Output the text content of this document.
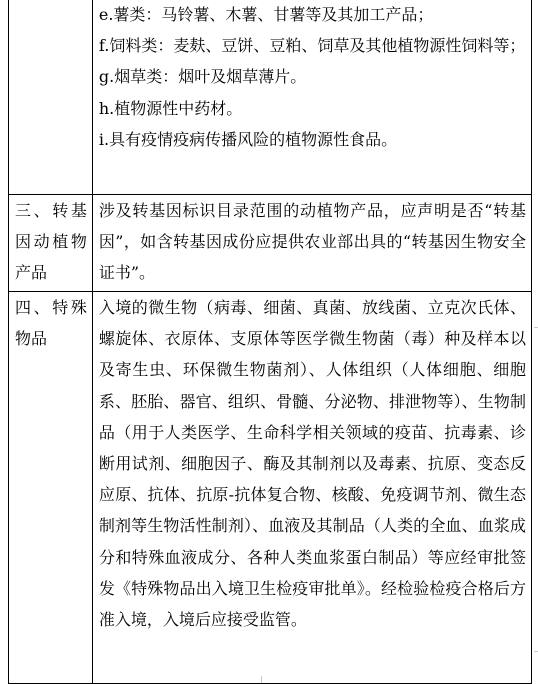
	e.薯类：马铃薯、木薯、甘薯等及其加工产品；
f.饲料类：麦麸、豆饼、豆粕、饲草及其他植物源性饲料等；
g.烟草类：烟叶及烟草薄片。
h.植物源性中药材。
i.具有疫情疫病传播风险的植物源性食品。

三、转基因动植物产品	涉及转基因标识目录范围的动植物产品，应声明是否“转基因”，如含转基因成份应提供农业部出具的“转基因生物安全证书”。
四、特殊物品	入境的微生物（病毒、细菌、真菌、放线菌、立克次氏体、螺旋体、衣原体、支原体等医学微生物菌（毒）种及样本以及寄生虫、环保微生物菌剂）、人体组织（人体细胞、细胞系、胚胎、器官、组织、骨髓、分泌物、排泄物等）、生物制品（用于人类医学、生命科学相关领域的疫苗、抗毒素、诊断用试剂、细胞因子、酶及其制剂以及毒素、抗原、变态反应原、抗体、抗原-抗体复合物、核酸、免疫调节剂、微生态制剂等生物活性制剂）、血液及其制品（人类的全血、血浆成分和特殊血液成分、各种人类血浆蛋白制品）等应经审批签发《特殊物品出入境卫生检疫审批单》。经检验检疫合格后方准入境，入境后应接受监管。
